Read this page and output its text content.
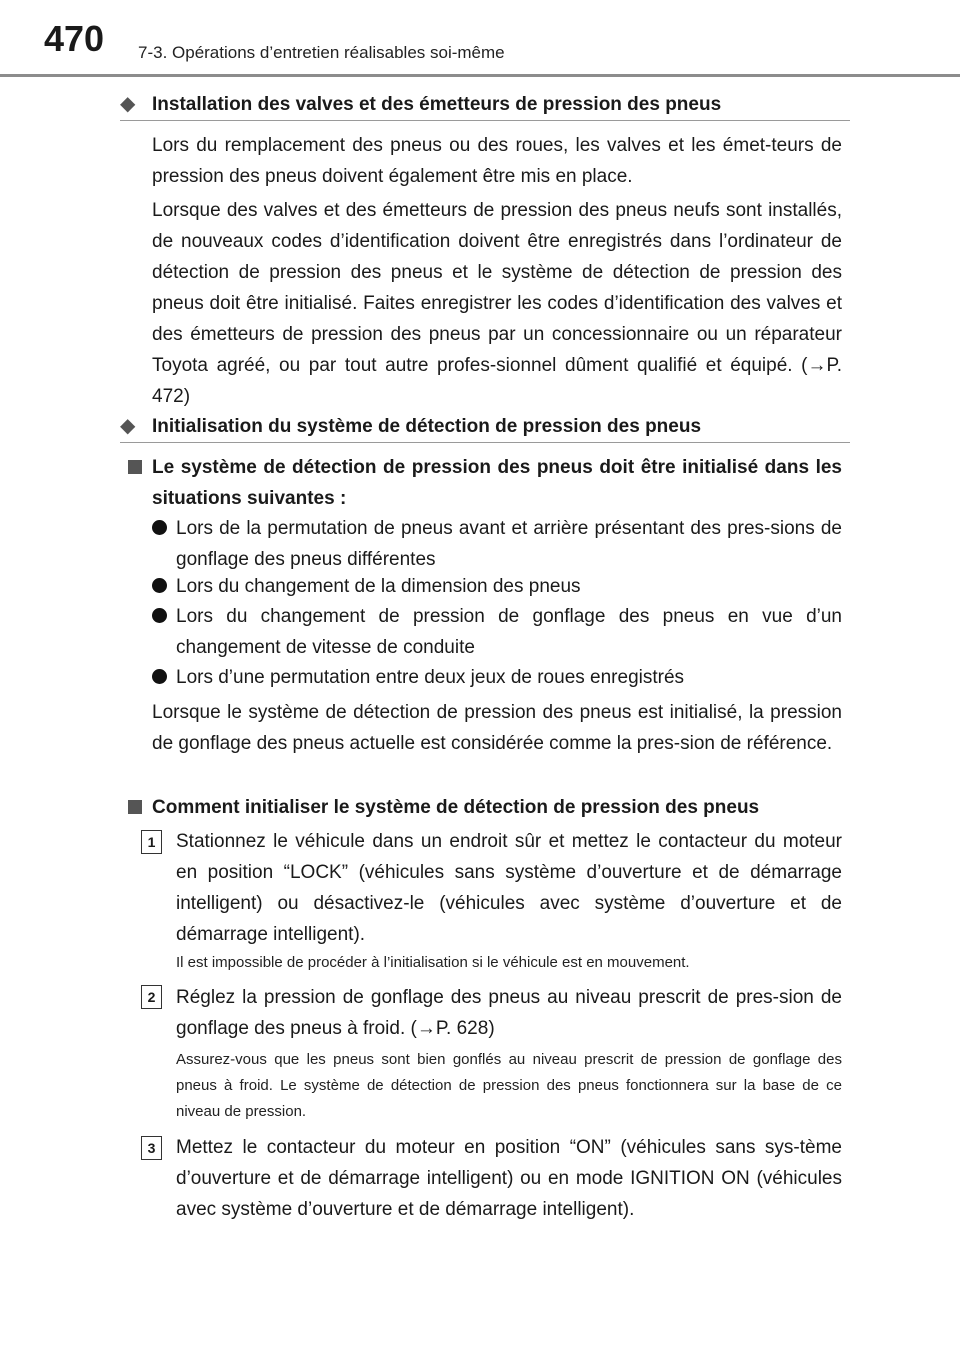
470 7-3. Opérations d’entretien réalisables soi-même
◆ Installation des valves et des émetteurs de pression des pneus
Lors du remplacement des pneus ou des roues, les valves et les émet-teurs de pression des pneus doivent également être mis en place.
Lorsque des valves et des émetteurs de pression des pneus neufs sont installés, de nouveaux codes d’identification doivent être enregistrés dans l’ordinateur de détection de pression des pneus et le système de détection de pression des pneus doit être initialisé. Faites enregistrer les codes d’identification des valves et des émetteurs de pression des pneus par un concessionnaire ou un réparateur Toyota agréé, ou par tout autre profes-sionnel dûment qualifié et équipé. (→P. 472)
◆ Initialisation du système de détection de pression des pneus
Le système de détection de pression des pneus doit être initialisé dans les situations suivantes :
Lors de la permutation de pneus avant et arrière présentant des pres-sions de gonflage des pneus différentes
Lors du changement de la dimension des pneus
Lors du changement de pression de gonflage des pneus en vue d’un changement de vitesse de conduite
Lors d’une permutation entre deux jeux de roues enregistrés
Lorsque le système de détection de pression des pneus est initialisé, la pression de gonflage des pneus actuelle est considérée comme la pres-sion de référence.
Comment initialiser le système de détection de pression des pneus
1	Stationnez le véhicule dans un endroit sûr et mettez le contacteur du moteur en position “LOCK” (véhicules sans système d’ouverture et de démarrage intelligent) ou désactivez-le (véhicules avec système d’ouverture et de démarrage intelligent).
Il est impossible de procéder à l’initialisation si le véhicule est en mouvement.
2	Réglez la pression de gonflage des pneus au niveau prescrit de pres-sion de gonflage des pneus à froid. (→P. 628)
Assurez-vous que les pneus sont bien gonflés au niveau prescrit de pression de gonflage des pneus à froid. Le système de détection de pression des pneus fonctionnera sur la base de ce niveau de pression.
3	Mettez le contacteur du moteur en position “ON” (véhicules sans sys-tème d’ouverture et de démarrage intelligent) ou en mode IGNITION ON (véhicules avec système d’ouverture et de démarrage intelligent).
